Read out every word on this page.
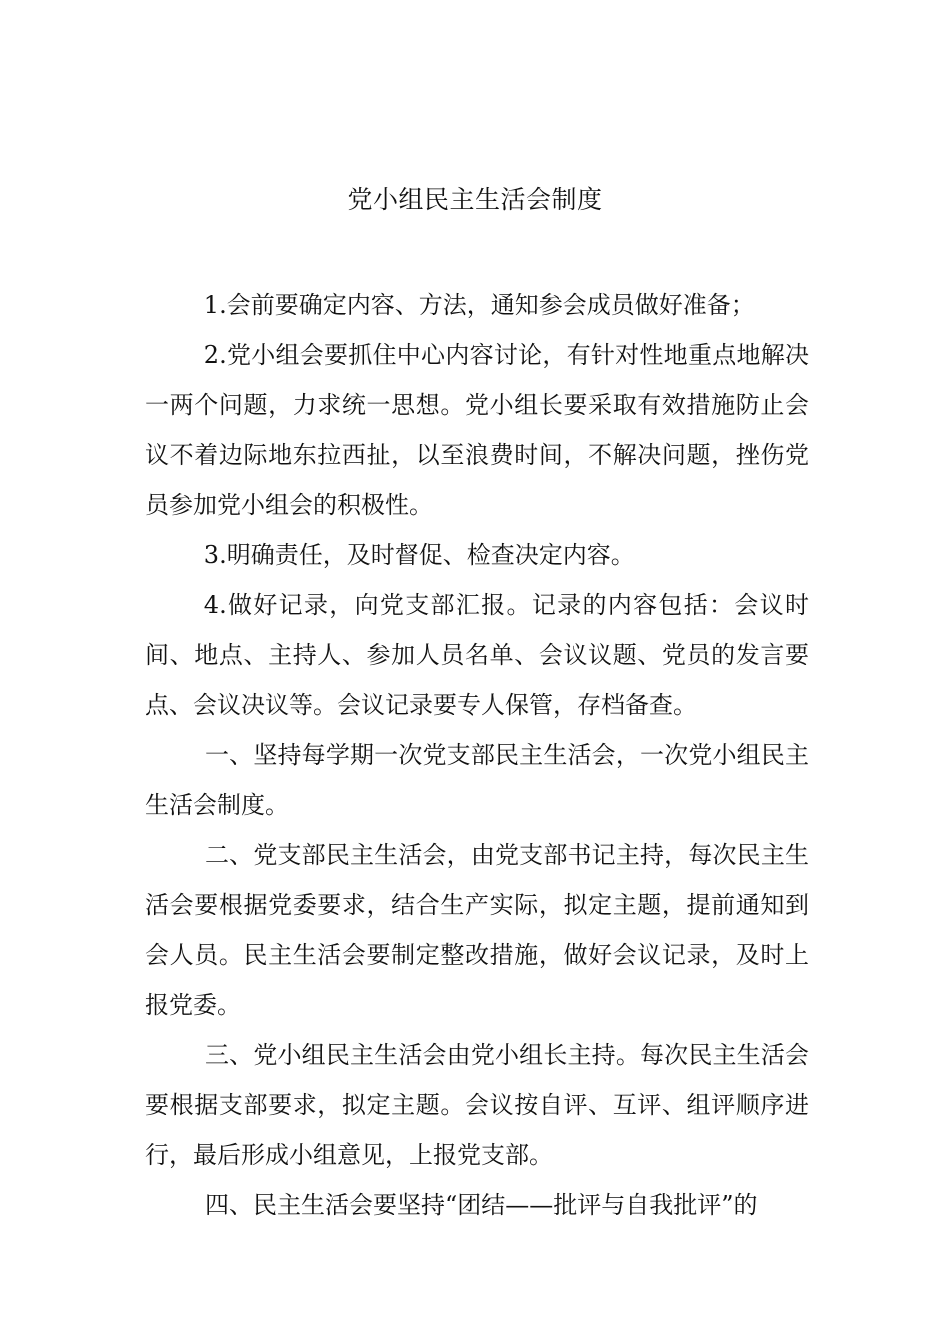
党小组民主生活会制度

1.会前要确定内容、方法，通知参会成员做好准备；

2.党小组会要抓住中心内容讨论，有针对性地重点地解决一两个问题，力求统一思想。党小组长要采取有效措施防止会议不着边际地东拉西扯，以至浪费时间，不解决问题，挫伤党员参加党小组会的积极性。

3.明确责任，及时督促、检查决定内容。

4.做好记录，向党支部汇报。记录的内容包括：会议时间、地点、主持人、参加人员名单、会议议题、党员的发言要点、会议决议等。会议记录要专人保管，存档备查。

一、坚持每学期一次党支部民主生活会，一次党小组民主生活会制度。

二、党支部民主生活会，由党支部书记主持，每次民主生活会要根据党委要求，结合生产实际，拟定主题，提前通知到会人员。民主生活会要制定整改措施，做好会议记录，及时上报党委。

三、党小组民主生活会由党小组长主持。每次民主生活会要根据支部要求，拟定主题。会议按自评、互评、组评顺序进行，最后形成小组意见，上报党支部。

四、民主生活会要坚持“团结——批评与自我批评”的
